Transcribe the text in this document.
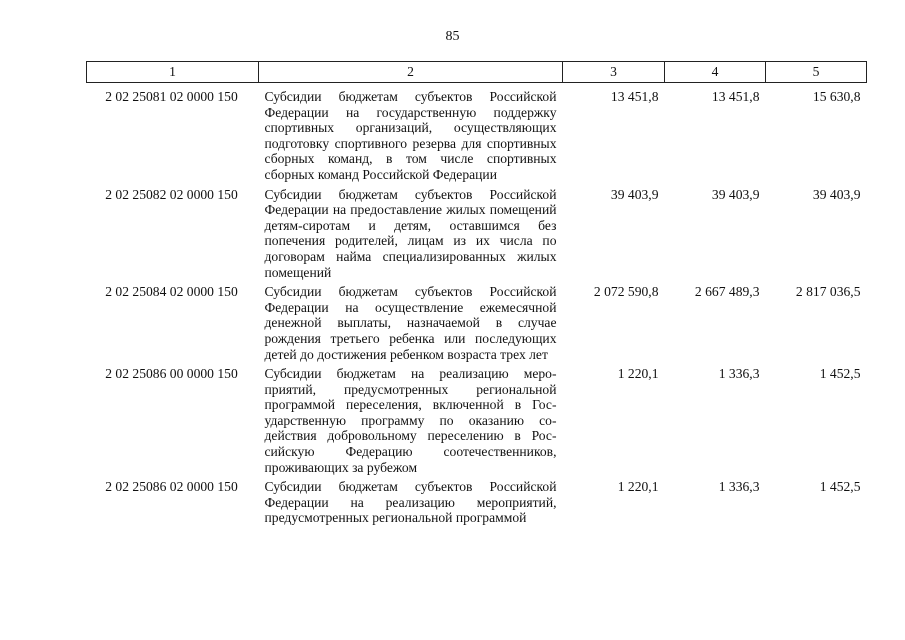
85
1	2	3	4	5

2 02 25081 02 0000 150	Субсидии бюджетам субъектов Российской Федерации на государственную поддержку спортивных организаций, осуществляющих подготовку спортивного резерва для спортивных сборных команд, в том числе спортивных сборных команд Российской Федерации	13 451,8	13 451,8	15 630,8
2 02 25082 02 0000 150	Субсидии бюджетам субъектов Российской Федерации на предоставление жилых помещений детям-сиротам и детям, оставшимся без попечения родителей, лицам из их числа по договорам найма специализированных жилых помещений	39 403,9	39 403,9	39 403,9
2 02 25084 02 0000 150	Субсидии бюджетам субъектов Российской Федерации на осуществление ежемесячной денежной выплаты, назначаемой в случае рождения третьего ребенка или последующих детей до достижения ребенком возраста трех лет	2 072 590,8	2 667 489,3	2 817 036,5
2 02 25086 00 0000 150	Субсидии бюджетам на реализацию мероприятий, предусмотренных региональной программой переселения, включенной в Государственную программу по оказанию содействия добровольному переселению в Российскую Федерацию соотечественников, проживающих за рубежом	1 220,1	1 336,3	1 452,5
2 02 25086 02 0000 150	Субсидии бюджетам субъектов Российской Федерации на реализацию мероприятий, предусмотренных региональной программой	1 220,1	1 336,3	1 452,5
